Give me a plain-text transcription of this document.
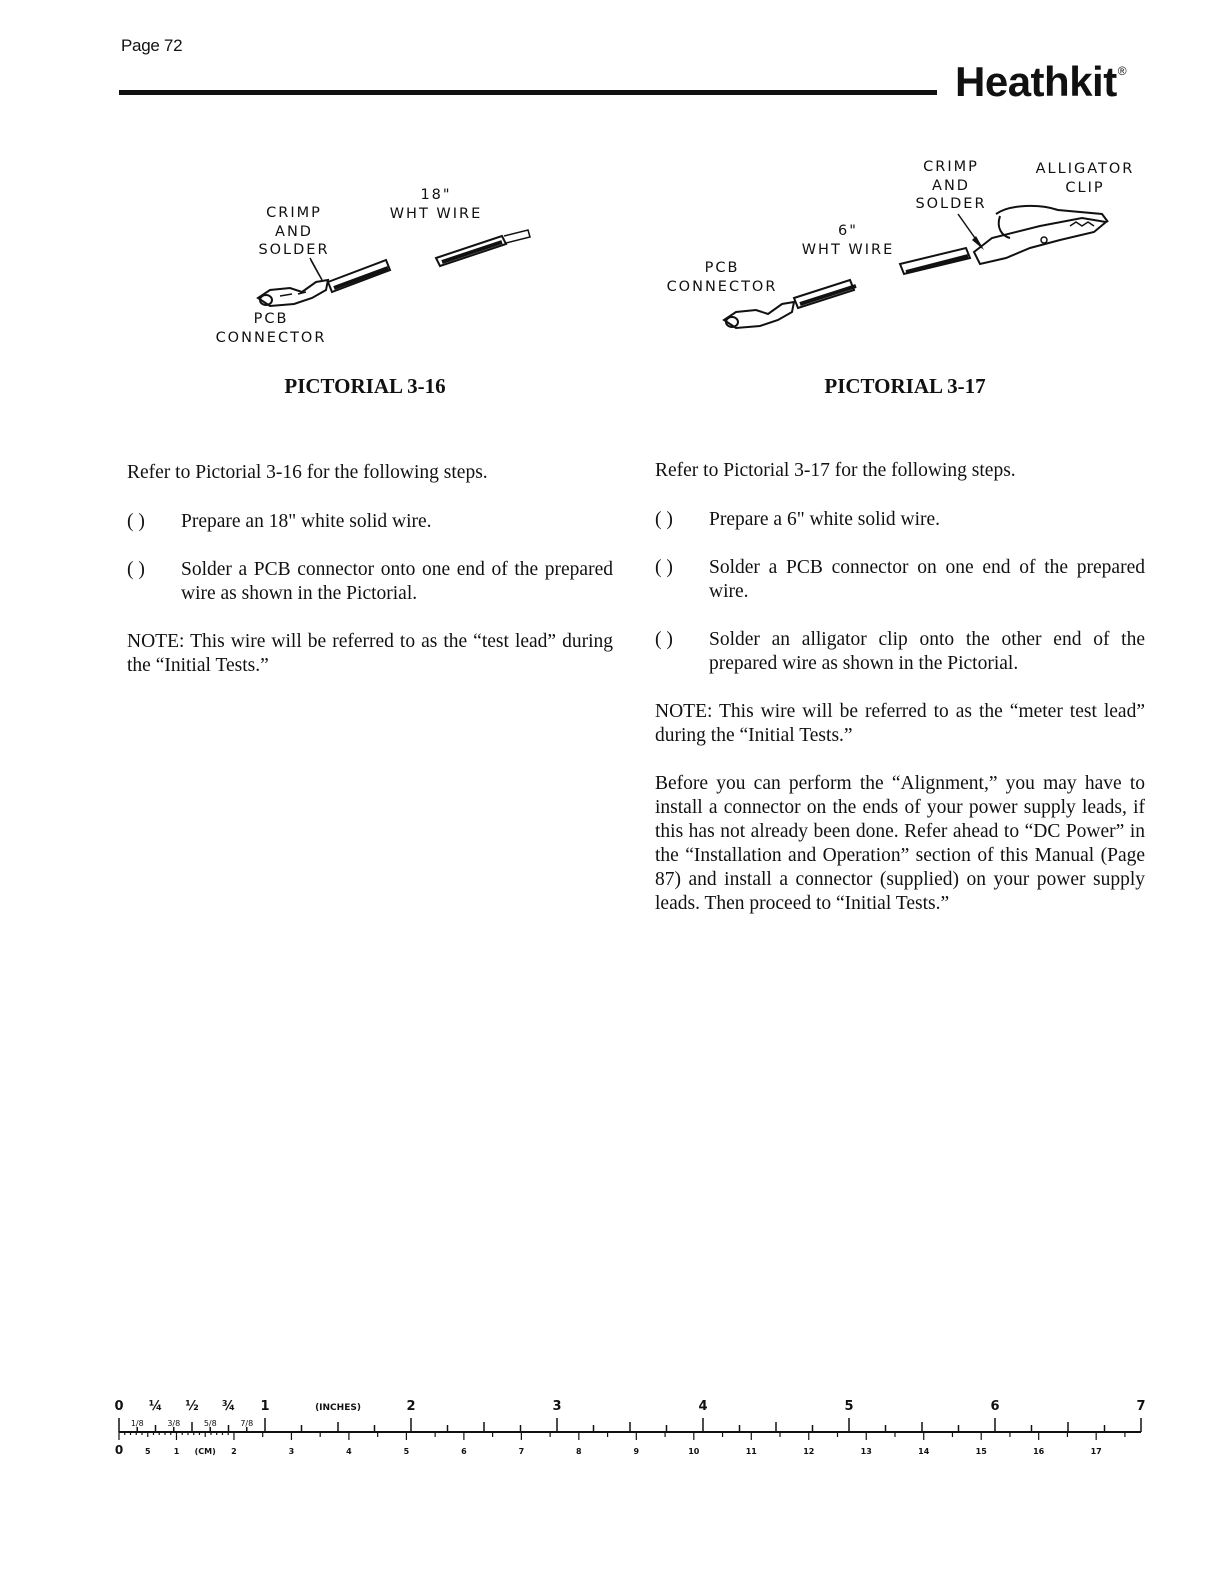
Page 72
Heathkit®
CRIMP
AND
SOLDER
18"
WHT WIRE
PCB
CONNECTOR
PICTORIAL 3-16
CRIMP
AND
SOLDER
ALLIGATOR
CLIP
6"
WHT WIRE
PCB
CONNECTOR
PICTORIAL 3-17

Refer to Pictorial 3-16 for the following steps.

( )	Prepare an 18" white solid wire.
( )	Solder a PCB connector onto one end of the prepared wire as shown in the Pictorial.

NOTE: This wire will be referred to as the “test lead” during the “Initial Tests.”

Refer to Pictorial 3-17 for the following steps.

( )	Prepare a 6" white solid wire.
( )	Solder a PCB connector on one end of the prepared wire.
( )	Solder an alligator clip onto the other end of the prepared wire as shown in the Pictorial.

NOTE: This wire will be referred to as the “meter test lead” during the “Initial Tests.”

Before you can perform the “Alignment,” you may have to install a connector on the ends of your power supply leads, if this has not already been done. Refer ahead to “DC Power” in the “Installation and Operation” section of this Manual (Page 87) and install a connector (supplied) on your power supply leads. Then proceed to “Initial Tests.”

0 ¼ ½ ¾ 1	(INCHES)	2	3	4	5	6	7
1/8	3/8	5/8	7/8
0	5	1 (CM) 2	3	4	5	6	7	8	9	10	11	12	13	14	15	16	17
